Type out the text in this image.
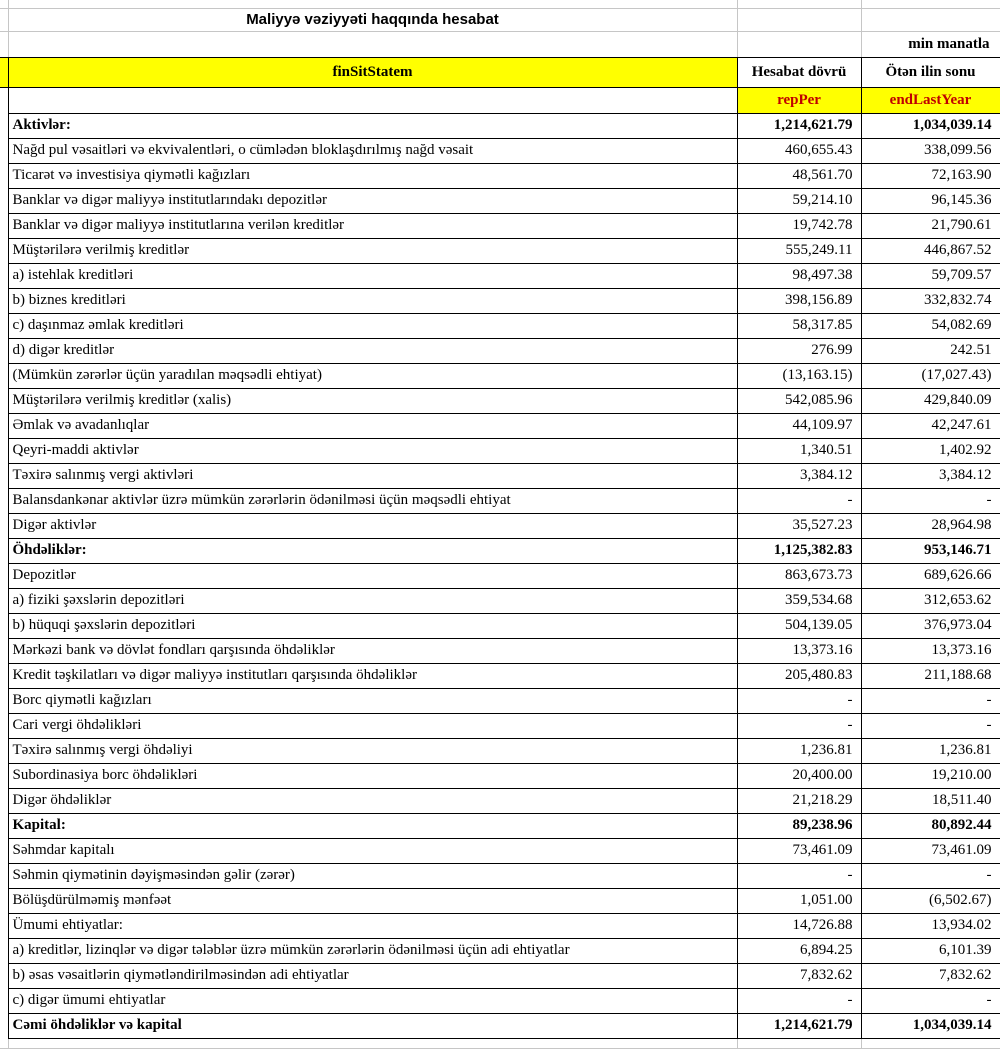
	Maliyyə vəziyyəti haqqında hesabat		
			min manatla
	finSitStatem	Hesabat dövrü	Ötən ilin sonu
		repPer	endLastYear
	Aktivlər:	1,214,621.79	1,034,039.14
	Nağd pul vəsaitləri və ekvivalentləri, o cümlədən bloklaşdırılmış nağd vəsait	460,655.43	338,099.56
	Ticarət və investisiya qiymətli kağızları	48,561.70	72,163.90
	Banklar və digər maliyyə institutlarındakı depozitlər	59,214.10	96,145.36
	Banklar və digər maliyyə institutlarına verilən kreditlər	19,742.78	21,790.61
	Müştərilərə verilmiş kreditlər	555,249.11	446,867.52
	a) istehlak kreditləri	98,497.38	59,709.57
	b) biznes kreditləri	398,156.89	332,832.74
	c) daşınmaz əmlak kreditləri	58,317.85	54,082.69
	d) digər kreditlər	276.99	242.51
	(Mümkün zərərlər üçün yaradılan məqsədli ehtiyat)	(13,163.15)	(17,027.43)
	Müştərilərə verilmiş kreditlər (xalis)	542,085.96	429,840.09
	Əmlak və avadanlıqlar	44,109.97	42,247.61
	Qeyri-maddi aktivlər	1,340.51	1,402.92
	Təxirə salınmış vergi aktivləri	3,384.12	3,384.12
	Balansdankənar aktivlər üzrə mümkün zərərlərin ödənilməsi üçün məqsədli ehtiyat	-	-
	Digər aktivlər	35,527.23	28,964.98
	Öhdəliklər:	1,125,382.83	953,146.71
	Depozitlər	863,673.73	689,626.66
	a) fiziki şəxslərin depozitləri	359,534.68	312,653.62
	b) hüquqi şəxslərin depozitləri	504,139.05	376,973.04
	Mərkəzi bank və dövlət fondları qarşısında öhdəliklər	13,373.16	13,373.16
	Kredit təşkilatları və digər maliyyə institutları qarşısında öhdəliklər	205,480.83	211,188.68
	Borc qiymətli kağızları	-	-
	Cari vergi öhdəlikləri	-	-
	Təxirə salınmış vergi öhdəliyi	1,236.81	1,236.81
	Subordinasiya borc öhdəlikləri	20,400.00	19,210.00
	Digər öhdəliklər	21,218.29	18,511.40
	Kapital:	89,238.96	80,892.44
	Səhmdar kapitalı	73,461.09	73,461.09
	Səhmin qiymətinin dəyişməsindən gəlir (zərər)	-	-
	Bölüşdürülməmiş mənfəət	1,051.00	(6,502.67)
	Ümumi ehtiyatlar:	14,726.88	13,934.02
	a) kreditlər, lizinqlər və digər tələblər üzrə mümkün zərərlərin ödənilməsi üçün adi ehtiyatlar	6,894.25	6,101.39
	b) əsas vəsaitlərin qiymətləndirilməsindən adi ehtiyatlar	7,832.62	7,832.62
	c) digər ümumi ehtiyatlar	-	-
	Cəmi öhdəliklər və kapital	1,214,621.79	1,034,039.14
